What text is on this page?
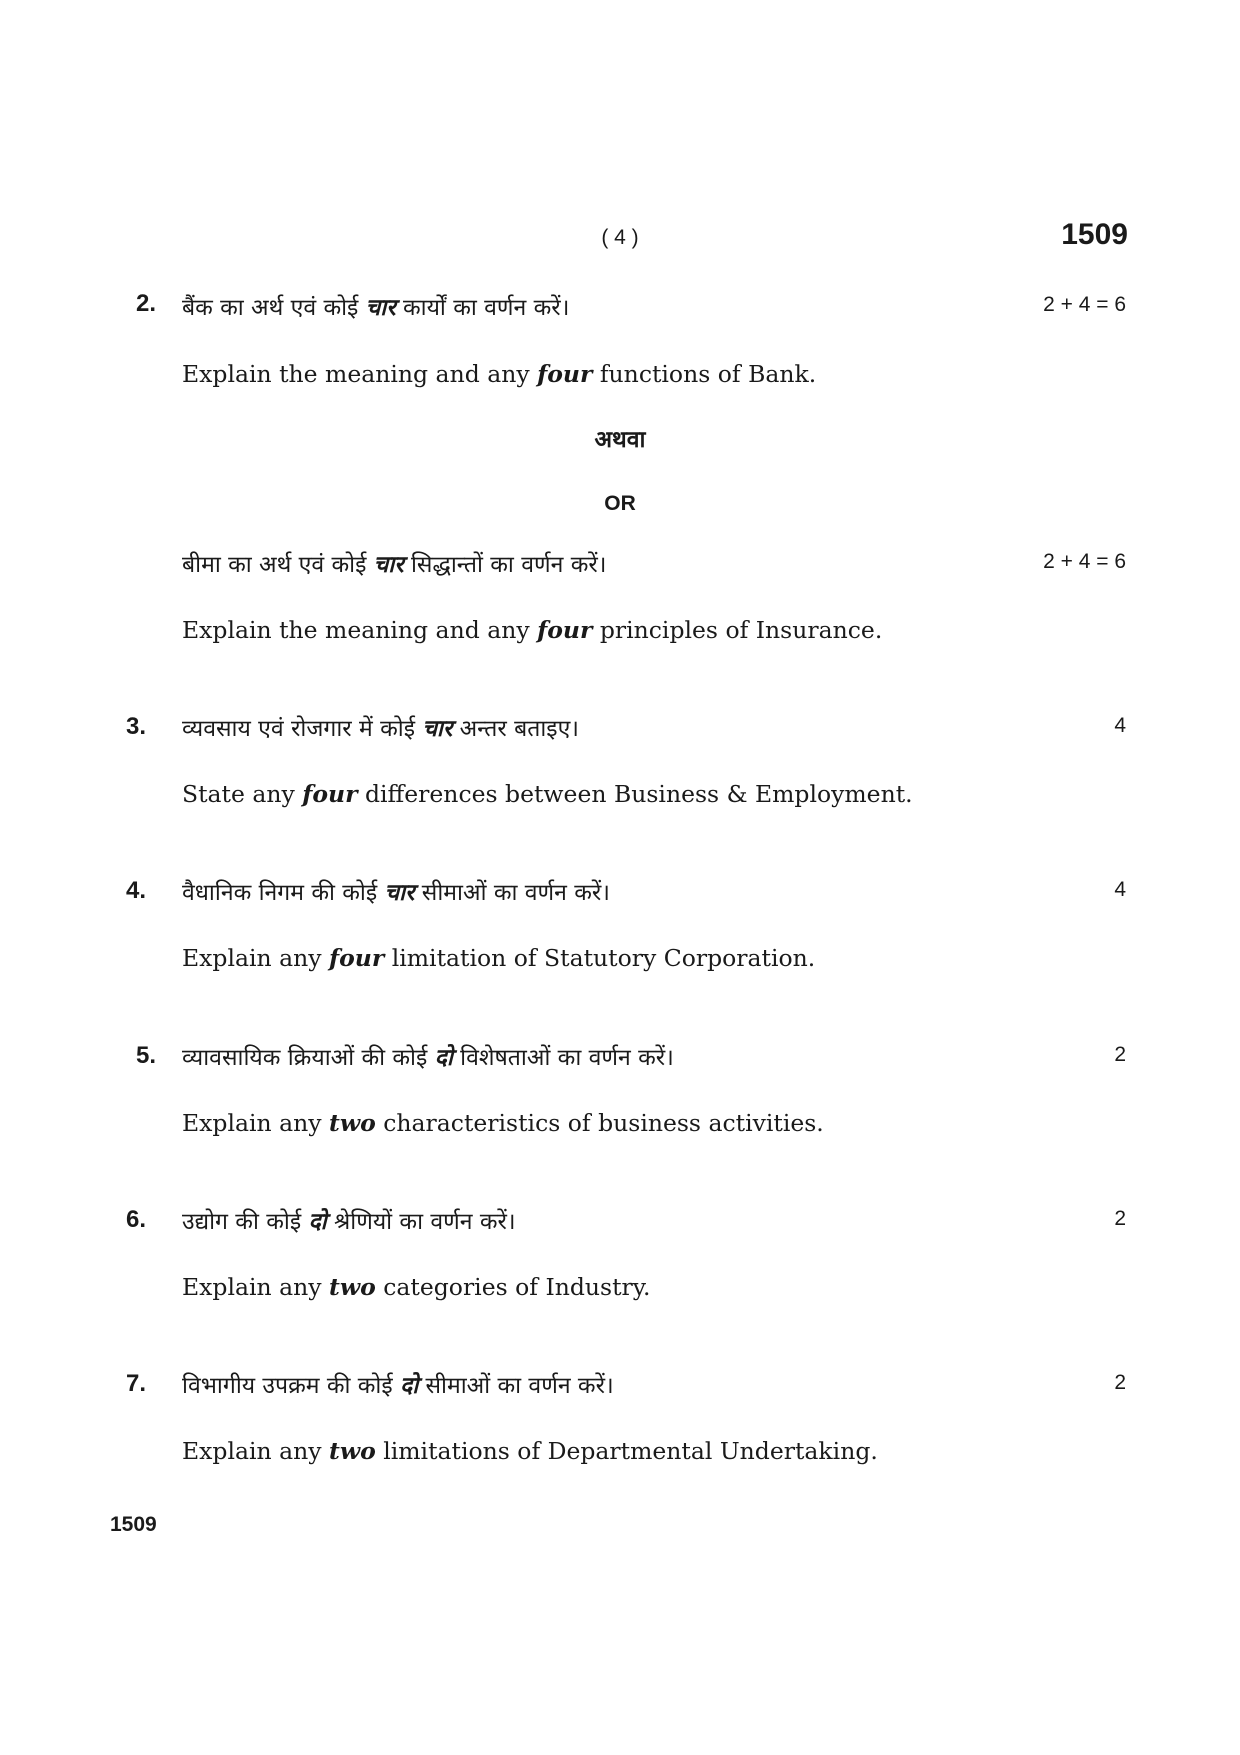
( 4 )	1509
2. बैंक का अर्थ एवं कोई चार कार्यों का वर्णन करें।	2 + 4 = 6
Explain the meaning and any four functions of Bank.
अथवा
OR
बीमा का अर्थ एवं कोई चार सिद्धान्तों का वर्णन करें।	2 + 4 = 6
Explain the meaning and any four principles of Insurance.
3. व्यवसाय एवं रोजगार में कोई चार अन्तर बताइए।	4
State any four differences between Business & Employment.
4. वैधानिक निगम की कोई चार सीमाओं का वर्णन करें।	4
Explain any four limitation of Statutory Corporation.
5. व्यावसायिक क्रियाओं की कोई दो विशेषताओं का वर्णन करें।	2
Explain any two characteristics of business activities.
6. उद्योग की कोई दो श्रेणियों का वर्णन करें।	2
Explain any two categories of Industry.
7. विभागीय उपक्रम की कोई दो सीमाओं का वर्णन करें।	2
Explain any two limitations of Departmental Undertaking.
1509
